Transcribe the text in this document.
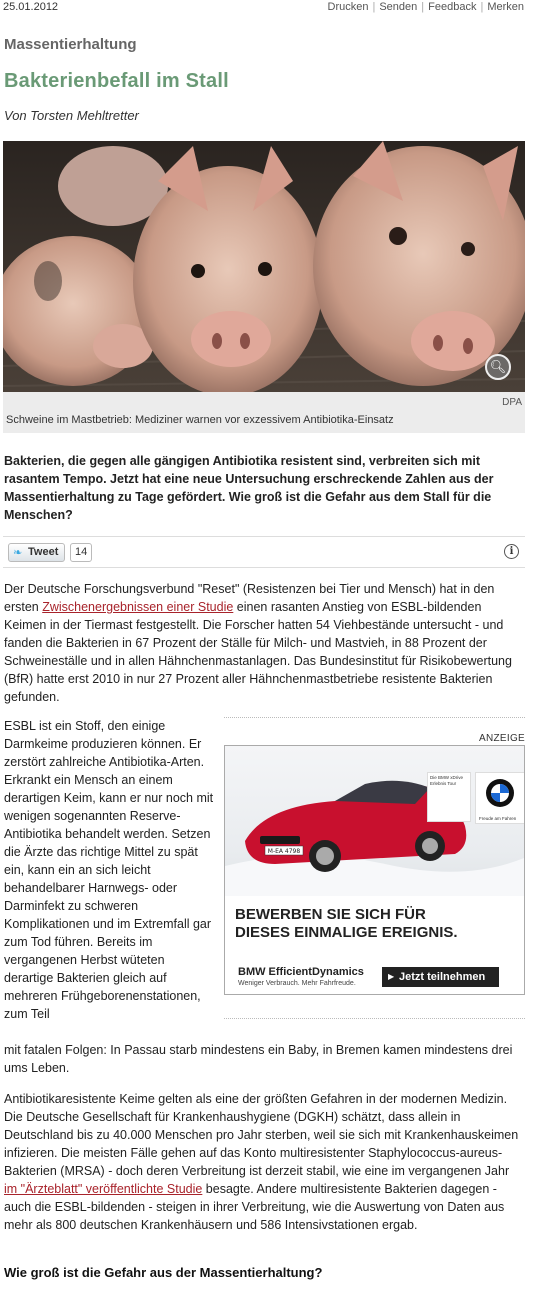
25.01.2012	Drucken | Senden | Feedback | Merken
Massentierhaltung
Bakterienbefall im Stall
Von Torsten Mehltretter
🔍︎
DPA
Schweine im Mastbetrieb: Mediziner warnen vor exzessivem Antibiotika-Einsatz

Bakterien, die gegen alle gängigen Antibiotika resistent sind, verbreiten sich mit rasantem Tempo. Jetzt hat eine neue Untersuchung erschreckende Zahlen aus der Massentierhaltung zu Tage gefördert. Wie groß ist die Gefahr aus dem Stall für die Menschen?

❧ Tweet	14	i

Der Deutsche Forschungsverbund "Reset" (Resistenzen bei Tier und Mensch) hat in den ersten Zwischenergebnissen einer Studie einen rasanten Anstieg von ESBL-bildenden Keimen in der Tiermast festgestellt. Die Forscher hatten 54 Viehbestände untersucht - und fanden die Bakterien in 67 Prozent der Ställe für Milch- und Mastvieh, in 88 Prozent der Schweineställe und in allen Hähnchenmastanlagen. Das Bundesinstitut für Risikobewertung (BfR) hatte erst 2010 in nur 27 Prozent aller Hähnchenmastbetriebe resistente Bakterien gefunden.

ESBL ist ein Stoff, den einige Darmkeime produzieren können. Er zerstört zahlreiche Antibiotika-Arten. Erkrankt ein Mensch an einem derartigen Keim, kann er nur noch mit wenigen sogenannten Reserve-Antibiotika behandelt werden. Setzen die Ärzte das richtige Mittel zu spät ein, kann ein an sich leicht behandelbarer Harnwegs- oder Darminfekt zu schweren Komplikationen und im Extremfall gar zum Tod führen. Bereits im vergangenen Herbst wüteten derartige Bakterien gleich auf mehreren Frühgeborenenstationen, zum Teil

mit fatalen Folgen: In Passau starb mindestens ein Baby, in Bremen kamen mindestens drei ums Leben.

ANZEIGE
M-EA 4798
Die BMW xDrive Erlebnis Tour
Freude am Fahren
BEWERBEN SIE SICH FÜR
DIESES EINMALIGE EREIGNIS.
BMW EfficientDynamics
Weniger Verbrauch. Mehr Fahrfreude.
▶ Jetzt teilnehmen

Antibiotikaresistente Keime gelten als eine der größten Gefahren in der modernen Medizin. Die Deutsche Gesellschaft für Krankenhaushygiene (DGKH) schätzt, dass allein in Deutschland bis zu 40.000 Menschen pro Jahr sterben, weil sie sich mit Krankenhauskeimen infizieren. Die meisten Fälle gehen auf das Konto multiresistenter Staphylococcus-aureus-Bakterien (MRSA) - doch deren Verbreitung ist derzeit stabil, wie eine im vergangenen Jahr im "Ärzteblatt" veröffentlichte Studie besagte. Andere multiresistente Bakterien dagegen - auch die ESBL-bildenden - steigen in ihrer Verbreitung, wie die Auswertung von Daten aus mehr als 800 deutschen Krankenhäusern und 586 Intensivstationen ergab.

Wie groß ist die Gefahr aus der Massentierhaltung?
